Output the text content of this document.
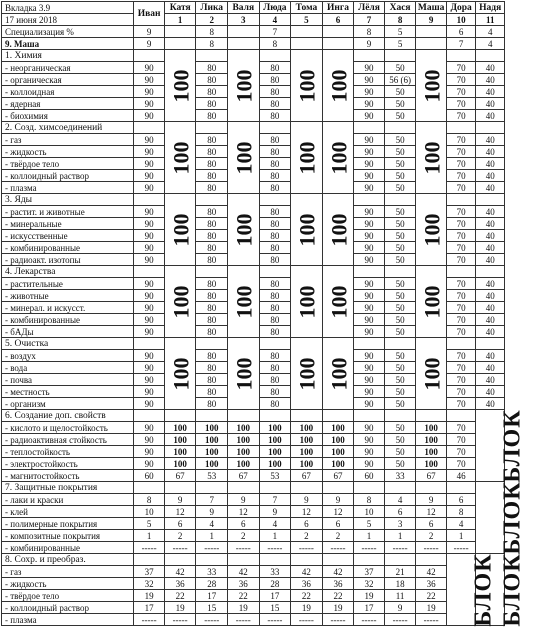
Вкладка 3.9	Иван	Катя	Лика	Валя	Люда	Тома	Инга	Лёля	Хася	Маша	Дора	Надя
17 июня 2018		1	2	3	4	5	6	7	8	9	10	11
Специализация %	9		8		7			8	5		6	4
9. Маша	9		8		8			9	5		7	4
1. Химия		100		100		100	100			100		
- неорганическая	90		80		80			90	50		70	40
- органическая	90		80		80			90	56 (6)		70	40
- коллоидная	90		80		80			90	50		70	40
- ядерная	90		80		80			90	50		70	40
- биохимия	90		80		80			90	50		70	40
2. Созд. химсоединений		100		100		100	100			100		
- газ	90		80		80			90	50		70	40
- жидкость	90		80		80			90	50		70	40
- твёрдое тело	90		80		80			90	50		70	40
- коллоидный раствор	90		80		80			90	50		70	40
- плазма	90		80		80			90	50		70	40
3. Яды		100		100		100	100			100		
- растит. и животные	90		80		80			90	50		70	40
- минеральные	90		80		80			90	50		70	40
- искусственные	90		80		80			90	50		70	40
- комбинированные	90		80		80			90	50		70	40
- радиоакт. изотопы	90		80		80			90	50		70	40
4. Лекарства		100		100		100	100			100		
- растительные	90		80		80			90	50		70	40
- животные	90		80		80			90	50		70	40
- минерал. и искусст.	90		80		80			90	50		70	40
- комбинированные	90		80		80			90	50		70	40
- бАДы	90		80		80			90	50		70	40
5. Очистка		100		100		100	100			100		
- воздух	90		80		80			90	50		70	40
- вода	90		80		80			90	50		70	40
- почва	90		80		80			90	50		70	40
- местность	90		80		80			90	50		70	40
- организм	90		80		80			90	50		70	40
6. Создание доп. свойств												БЛОК
- кислото и щелостойкость	90	100	100	100	100	100	100	90	50	100	70	
- радиоактивная стойкость	90	100	100	100	100	100	100	90	50	100	70	
- теплостойкость	90	100	100	100	100	100	100	90	50	100	70	
- электростойкость	90	100	100	100	100	100	100	90	50	100	70	
- магнитостойкость	60	67	53	67	53	67	67	60	33	67	46	
7. Защитные покрытия												БЛОК
- лаки и краски	8	9	7	9	7	9	9	8	4	9	6	
- клей	10	12	9	12	9	12	12	10	6	12	8	
- полимерные покрытия	5	6	4	6	4	6	6	5	3	6	4	
- композитные покрытия	1	2	1	2	1	2	2	1	1	2	1	
- комбинированные	-----	-----	-----	-----	-----	-----	-----	-----	-----	-----	-----	
8. Сохр. и преобраз.											БЛОК	БЛОК
- газ	37	42	33	42	33	42	42	37	21	42		
- жидкость	32	36	28	36	28	36	36	32	18	36		
- твёрдое тело	19	22	17	22	17	22	22	19	11	22		
- коллоидный раствор	17	19	15	19	15	19	19	17	9	19		
- плазма	-----	-----	-----	-----	-----	-----	-----	-----	-----	-----		
